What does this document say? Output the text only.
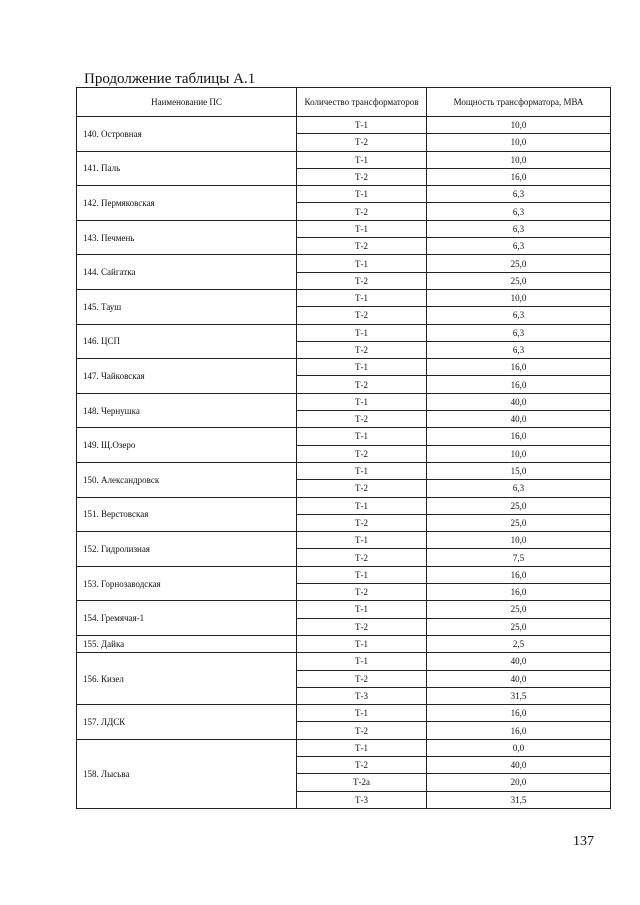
Продолжение таблицы А.1
Наименование ПС	Количество трансформаторов	Мощность трансформатора, МВА
140. Островная	Т-1	10,0
	Т-2	10,0
141. Паль	Т-1	10,0
	Т-2	16,0
142. Пермяковская	Т-1	6,3
	Т-2	6,3
143. Печмень	Т-1	6,3
	Т-2	6,3
144. Сайгатка	Т-1	25,0
	Т-2	25,0
145. Тауш	Т-1	10,0
	Т-2	6,3
146. ЦСП	Т-1	6,3
	Т-2	6,3
147. Чайковская	Т-1	16,0
	Т-2	16,0
148. Чернушка	Т-1	40,0
	Т-2	40,0
149. Щ.Озеро	Т-1	16,0
	Т-2	10,0
150. Александровск	Т-1	15,0
	Т-2	6,3
151. Верстовская	Т-1	25,0
	Т-2	25,0
152. Гидролизная	Т-1	10,0
	Т-2	7,5
153. Горнозаводская	Т-1	16,0
	Т-2	16,0
154. Гремячая-1	Т-1	25,0
	Т-2	25,0
155. Дайка	Т-1	2,5
156. Кизел	Т-1	40,0
	Т-2	40,0
	Т-3	31,5
157. ЛДСК	Т-1	16,0
	Т-2	16,0
158. Лысьва	Т-1	0,0
	Т-2	40,0
	Т-2а	20,0
	Т-3	31,5
137
